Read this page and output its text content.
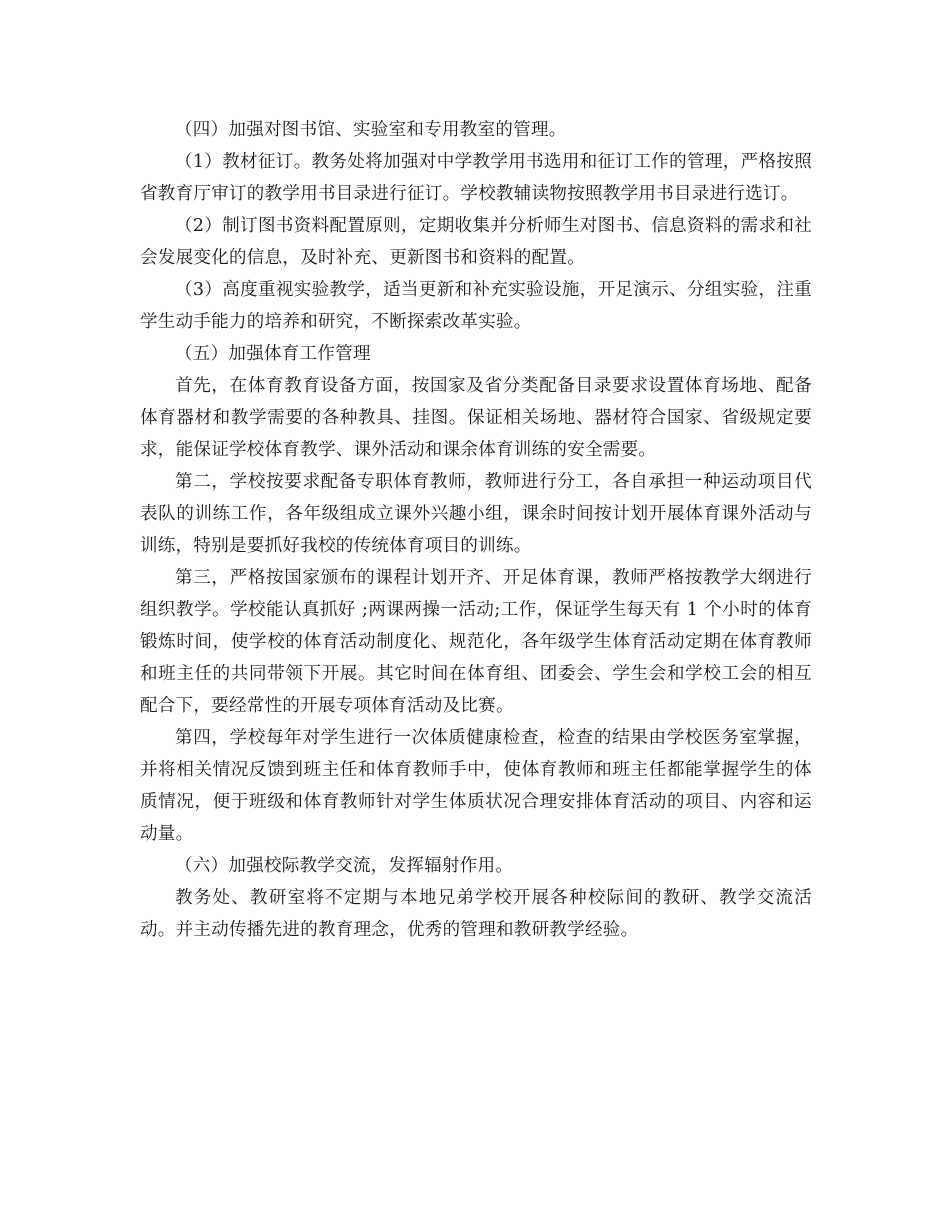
（四）加强对图书馆、实验室和专用教室的管理。

（1）教材征订。教务处将加强对中学教学用书选用和征订工作的管理，严格按照省教育厅审订的教学用书目录进行征订。学校教辅读物按照教学用书目录进行选订。

（2）制订图书资料配置原则，定期收集并分析师生对图书、信息资料的需求和社会发展变化的信息，及时补充、更新图书和资料的配置。

（3）高度重视实验教学，适当更新和补充实验设施，开足演示、分组实验，注重学生动手能力的培养和研究，不断探索改革实验。

（五）加强体育工作管理

首先，在体育教育设备方面，按国家及省分类配备目录要求设置体育场地、配备体育器材和教学需要的各种教具、挂图。保证相关场地、器材符合国家、省级规定要求，能保证学校体育教学、课外活动和课余体育训练的安全需要。

第二，学校按要求配备专职体育教师，教师进行分工，各自承担一种运动项目代表队的训练工作，各年级组成立课外兴趣小组，课余时间按计划开展体育课外活动与训练，特别是要抓好我校的传统体育项目的训练。

第三，严格按国家颁布的课程计划开齐、开足体育课，教师严格按教学大纲进行组织教学。学校能认真抓好 ;两课两操一活动;工作，保证学生每天有 1 个小时的体育锻炼时间，使学校的体育活动制度化、规范化，各年级学生体育活动定期在体育教师和班主任的共同带领下开展。其它时间在体育组、团委会、学生会和学校工会的相互配合下，要经常性的开展专项体育活动及比赛。

第四，学校每年对学生进行一次体质健康检查，检查的结果由学校医务室掌握，并将相关情况反馈到班主任和体育教师手中，使体育教师和班主任都能掌握学生的体质情况，便于班级和体育教师针对学生体质状况合理安排体育活动的项目、内容和运动量。

（六）加强校际教学交流，发挥辐射作用。

教务处、教研室将不定期与本地兄弟学校开展各种校际间的教研、教学交流活动。并主动传播先进的教育理念，优秀的管理和教研教学经验。
